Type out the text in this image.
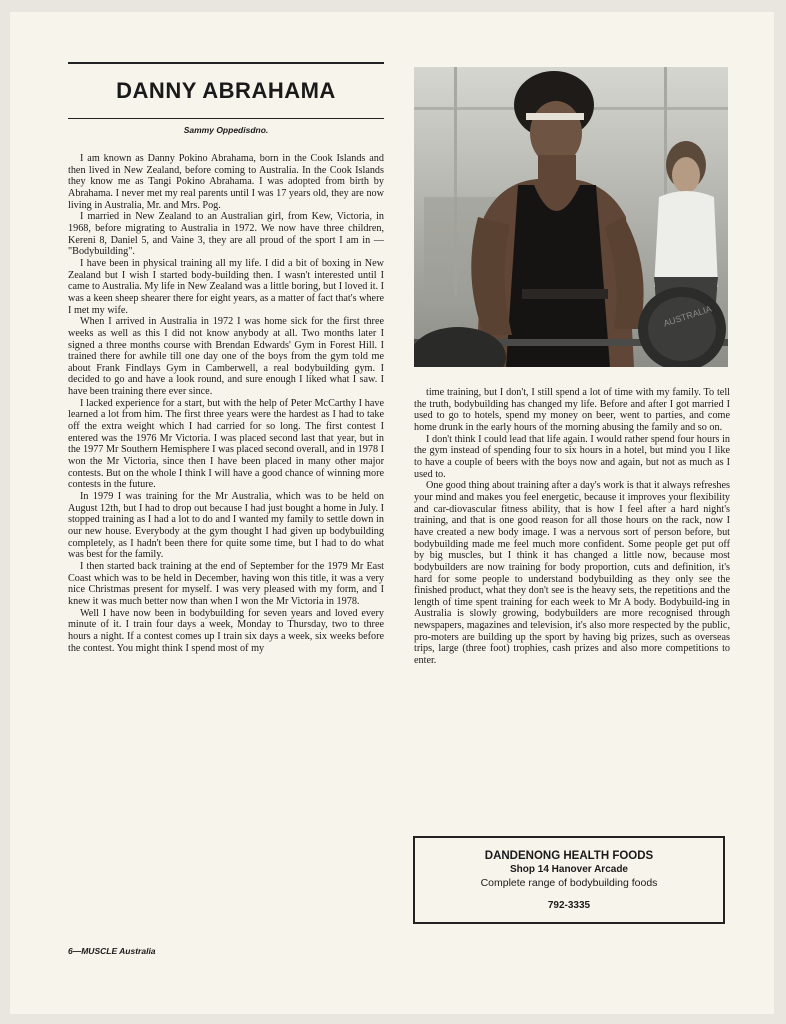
DANNY ABRAHAMA
Sammy Oppedisdno.

I am known as Danny Pokino Abrahama, born in the Cook Islands and then lived in New Zealand, before coming to Australia. In the Cook Islands they know me as Tangi Pokino Abrahama. I was adopted from birth by Abrahama. I never met my real parents until I was 17 years old, they are now living in Australia, Mr. and Mrs. Pog.

I married in New Zealand to an Australian girl, from Kew, Victoria, in 1968, before migrating to Australia in 1972. We now have three children, Kereni 8, Daniel 5, and Vaine 3, they are all proud of the sport I am in — "Bodybuilding".

I have been in physical training all my life. I did a bit of boxing in New Zealand but I wish I started body-building then. I wasn't interested until I came to Australia. My life in New Zealand was a little boring, but I loved it. I was a keen sheep shearer there for eight years, as a matter of fact that's where I met my wife.

When I arrived in Australia in 1972 I was home sick for the first three weeks as well as this I did not know anybody at all. Two months later I signed a three months course with Brendan Edwards' Gym in Forest Hill. I trained there for awhile till one day one of the boys from the gym told me about Frank Findlays Gym in Camberwell, a real bodybuilding gym. I decided to go and have a look round, and sure enough I liked what I saw. I have been training there ever since.

I lacked experience for a start, but with the help of Peter McCarthy I have learned a lot from him. The first three years were the hardest as I had to take off the extra weight which I had carried for so long. The first contest I entered was the 1976 Mr Victoria. I was placed second last that year, but in the 1977 Mr Southern Hemisphere I was placed second overall, and in 1978 I won the Mr Victoria, since then I have been placed in many other major contests. But on the whole I think I will have a good chance of winning more contests in the future.

In 1979 I was training for the Mr Australia, which was to be held on August 12th, but I had to drop out because I had just bought a home in July. I stopped training as I had a lot to do and I wanted my family to settle down in our new house. Everybody at the gym thought I had given up bodybuilding completely, as I hadn't been there for quite some time, but I had to do what was best for the family.

I then started back training at the end of September for the 1979 Mr East Coast which was to be held in December, having won this title, it was a very nice Christmas present for myself. I was very pleased with my form, and I knew it was much better now than when I won the Mr Victoria in 1978.

Well I have now been in bodybuilding for seven years and loved every minute of it. I train four days a week, Monday to Thursday, two to three hours a night. If a contest comes up I train six days a week, six weeks before the contest. You might think I spend most of my

AUSTRALIA

time training, but I don't, I still spend a lot of time with my family. To tell the truth, bodybuilding has changed my life. Before and after I got married I used to go to hotels, spend my money on beer, went to parties, and come home drunk in the early hours of the morning abusing the family and so on.

I don't think I could lead that life again. I would rather spend four hours in the gym instead of spending four to six hours in a hotel, but mind you I like to have a couple of beers with the boys now and again, but not as much as I used to.

One good thing about training after a day's work is that it always refreshes your mind and makes you feel energetic, because it improves your flexibility and car-diovascular fitness ability, that is how I feel after a hard night's training, and that is one good reason for all those hours on the rack, now I have created a new body image. I was a nervous sort of person before, but bodybuilding made me feel much more confident. Some people get put off by big muscles, but I think it has changed a little now, because most bodybuilders are now training for body proportion, cuts and definition, it's hard for some people to understand bodybuilding as they only see the finished product, what they don't see is the heavy sets, the repetitions and the length of time spent training for each week to Mr A body. Bodybuild-ing in Australia is slowly growing, bodybuilders are more recognised through newspapers, magazines and television, it's also more respected by the public, pro-moters are building up the sport by having big prizes, such as overseas trips, large (three foot) trophies, cash prizes and also more competitions to enter.

DANDENONG HEALTH FOODS
Shop 14 Hanover Arcade
Complete range of bodybuilding foods
792-3335
6—MUSCLE Australia
